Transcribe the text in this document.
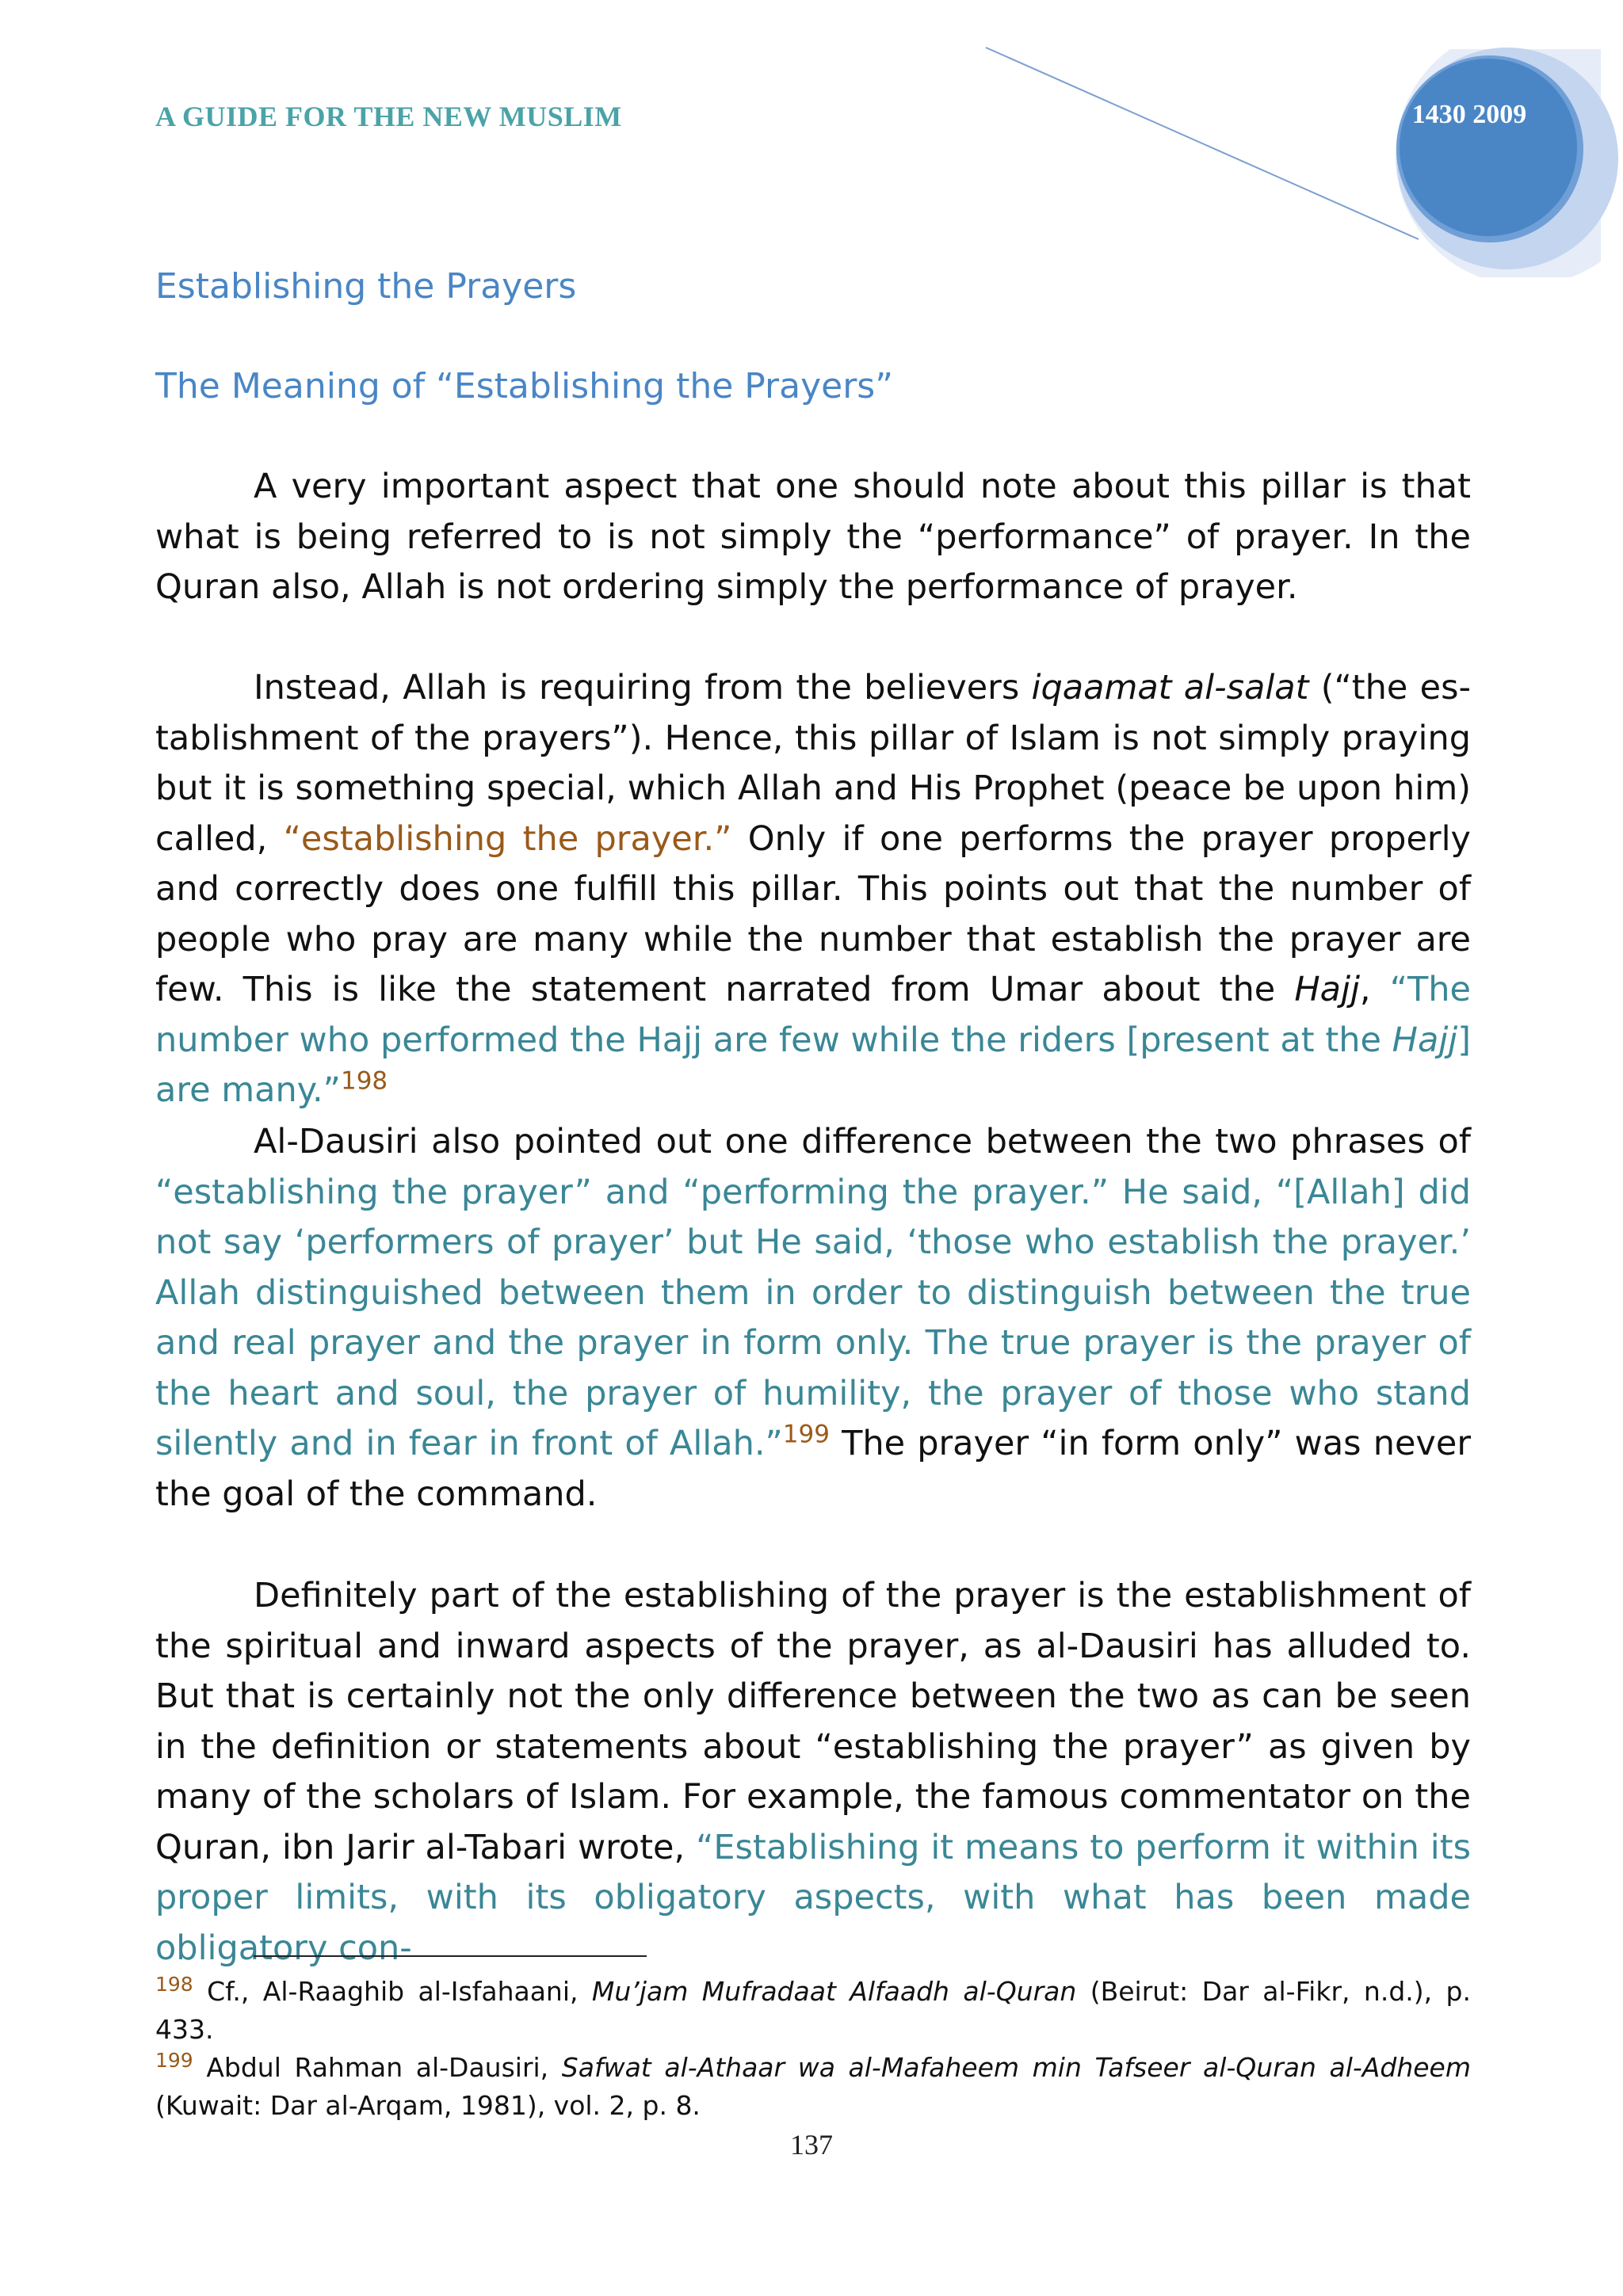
A GUIDE FOR THE NEW MUSLIM	1430 2009
Establishing the Prayers
The Meaning of “Establishing the Prayers”
A very important aspect that one should note about this pillar is that what is being referred to is not simply the “performance” of prayer. In the Quran also, Allah is not ordering simply the performance of prayer.
Instead, Allah is requiring from the believers iqaamat al-salat (“the establishment of the prayers”). Hence, this pillar of Islam is not simply praying but it is something special, which Allah and His Prophet (peace be upon him) called, “establishing the prayer.” Only if one performs the prayer properly and correctly does one fulfill this pillar. This points out that the number of people who pray are many while the number that establish the prayer are few. This is like the statement narrated from Umar about the Hajj, “The number who performed the Hajj are few while the riders [present at the Hajj] are many.”$^{198}$
Al-Dausiri also pointed out one difference between the two phrases of “establishing the prayer” and “performing the prayer.” He said, “[Allah] did not say ‘performers of prayer’ but He said, ‘those who establish the prayer.’ Allah distinguished between them in order to distinguish between the true and real prayer and the prayer in form only. The true prayer is the prayer of the heart and soul, the prayer of humility, the prayer of those who stand silently and in fear in front of Allah.”$^{199}$ The prayer “in form only” was never the goal of the command.
Definitely part of the establishing of the prayer is the establishment of the spiritual and inward aspects of the prayer, as al-Dausiri has alluded to. But that is certainly not the only difference between the two as can be seen in the definition or statements about “establishing the prayer” as given by many of the scholars of Islam. For example, the famous commentator on the Quran, ibn Jarir al-Tabari wrote, “Establishing it means to perform it within its proper limits, with its obligatory aspects, with what has been made obligatory con-
$^{198}$ Cf., Al-Raaghib al-Isfahaani, Mu’jam Mufradaat Alfaadh al-Quran (Beirut: Dar al-Fikr, n.d.), p. 433.
$^{199}$ Abdul Rahman al-Dausiri, Safwat al-Athaar wa al-Mafaheem min Tafseer al-Quran al-Adheem (Kuwait: Dar al-Arqam, 1981), vol. 2, p. 8.
137
